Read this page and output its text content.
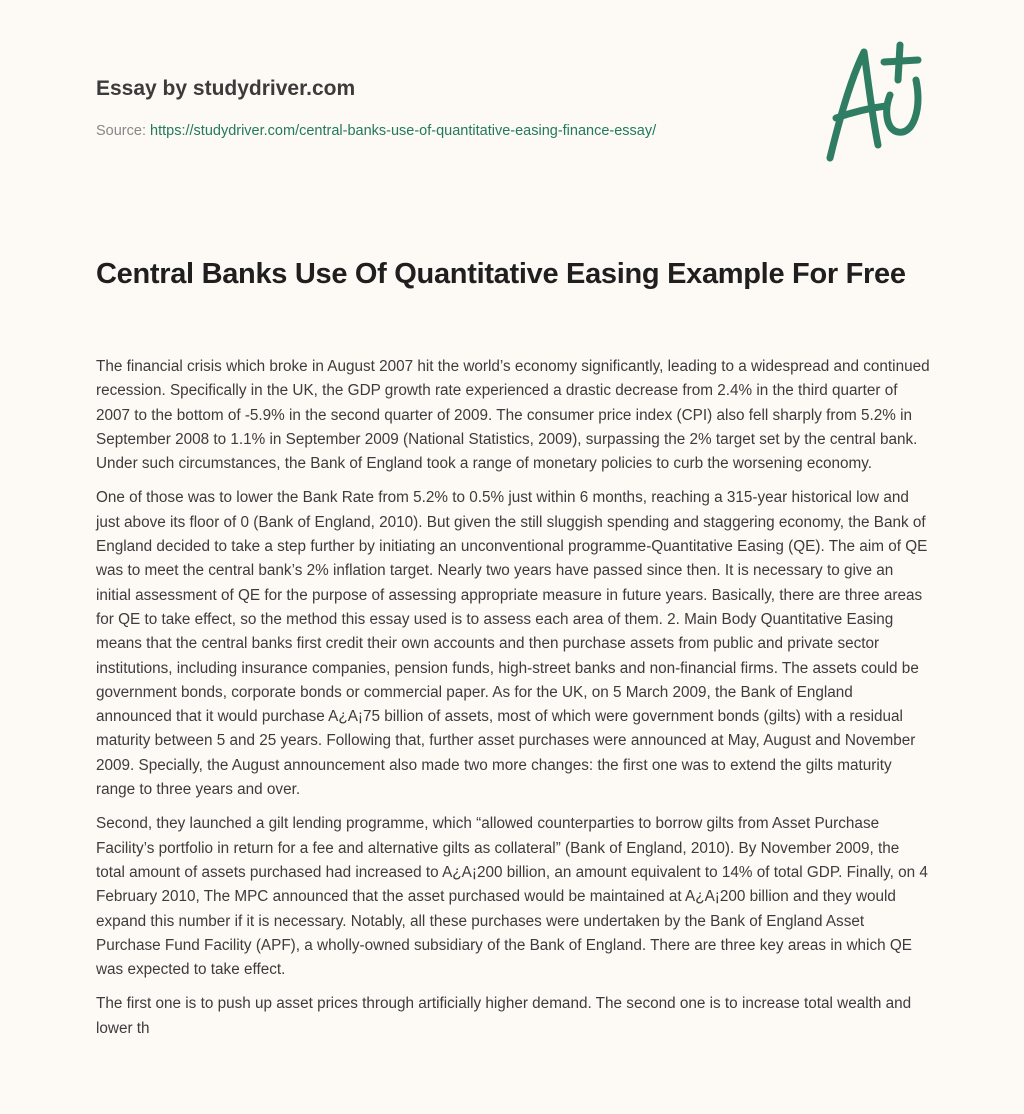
Essay by studydriver.com
Source: https://studydriver.com/central-banks-use-of-quantitative-easing-finance-essay/
Central Banks Use Of Quantitative Easing Example For Free

The financial crisis which broke in August 2007 hit the world’s economy significantly, leading to a widespread and continued recession. Specifically in the UK, the GDP growth rate experienced a drastic decrease from 2.4% in the third quarter of 2007 to the bottom of -5.9% in the second quarter of 2009. The consumer price index (CPI) also fell sharply from 5.2% in September 2008 to 1.1% in September 2009 (National Statistics, 2009), surpassing the 2% target set by the central bank. Under such circumstances, the Bank of England took a range of monetary policies to curb the worsening economy.

One of those was to lower the Bank Rate from 5.2% to 0.5% just within 6 months, reaching a 315-year historical low and just above its floor of 0 (Bank of England, 2010). But given the still sluggish spending and staggering economy, the Bank of England decided to take a step further by initiating an unconventional programme-Quantitative Easing (QE). The aim of QE was to meet the central bank’s 2% inflation target. Nearly two years have passed since then. It is necessary to give an initial assessment of QE for the purpose of assessing appropriate measure in future years. Basically, there are three areas for QE to take effect, so the method this essay used is to assess each area of them. 2. Main Body Quantitative Easing means that the central banks first credit their own accounts and then purchase assets from public and private sector institutions, including insurance companies, pension funds, high-street banks and non-financial firms. The assets could be government bonds, corporate bonds or commercial paper. As for the UK, on 5 March 2009, the Bank of England announced that it would purchase A¿A¡75 billion of assets, most of which were government bonds (gilts) with a residual maturity between 5 and 25 years. Following that, further asset purchases were announced at May, August and November 2009. Specially, the August announcement also made two more changes: the first one was to extend the gilts maturity range to three years and over.

Second, they launched a gilt lending programme, which “allowed counterparties to borrow gilts from Asset Purchase Facility’s portfolio in return for a fee and alternative gilts as collateral” (Bank of England, 2010). By November 2009, the total amount of assets purchased had increased to A¿A¡200 billion, an amount equivalent to 14% of total GDP. Finally, on 4 February 2010, The MPC announced that the asset purchased would be maintained at A¿A¡200 billion and they would expand this number if it is necessary. Notably, all these purchases were undertaken by the Bank of England Asset Purchase Fund Facility (APF), a wholly-owned subsidiary of the Bank of England. There are three key areas in which QE was expected to take effect.

The first one is to push up asset prices through artificially higher demand. The second one is to increase total wealth and lower th
